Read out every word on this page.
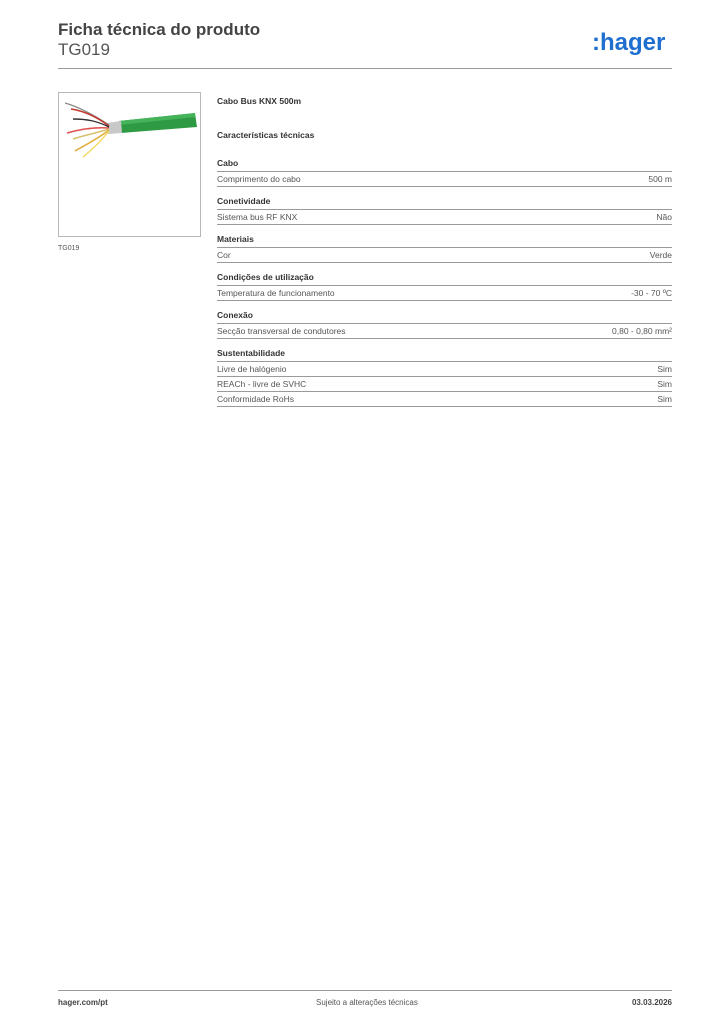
Ficha técnica do produto
TG019	:hager
TG019
Cabo Bus KNX 500m
Características técnicas
Cabo
Comprimento do cabo	500 m
Conetividade
Sistema bus RF KNX	Não
Materiais
Cor	Verde
Condições de utilização
Temperatura de funcionamento	-30 - 70 ºC
Conexão
Secção transversal de condutores	0,80 - 0,80 mm²
Sustentabilidade
Livre de halógenio	Sim
REACh - livre de SVHC	Sim
Conformidade RoHs	Sim
hager.com/pt	Sujeito a alterações técnicas	03.03.2026
